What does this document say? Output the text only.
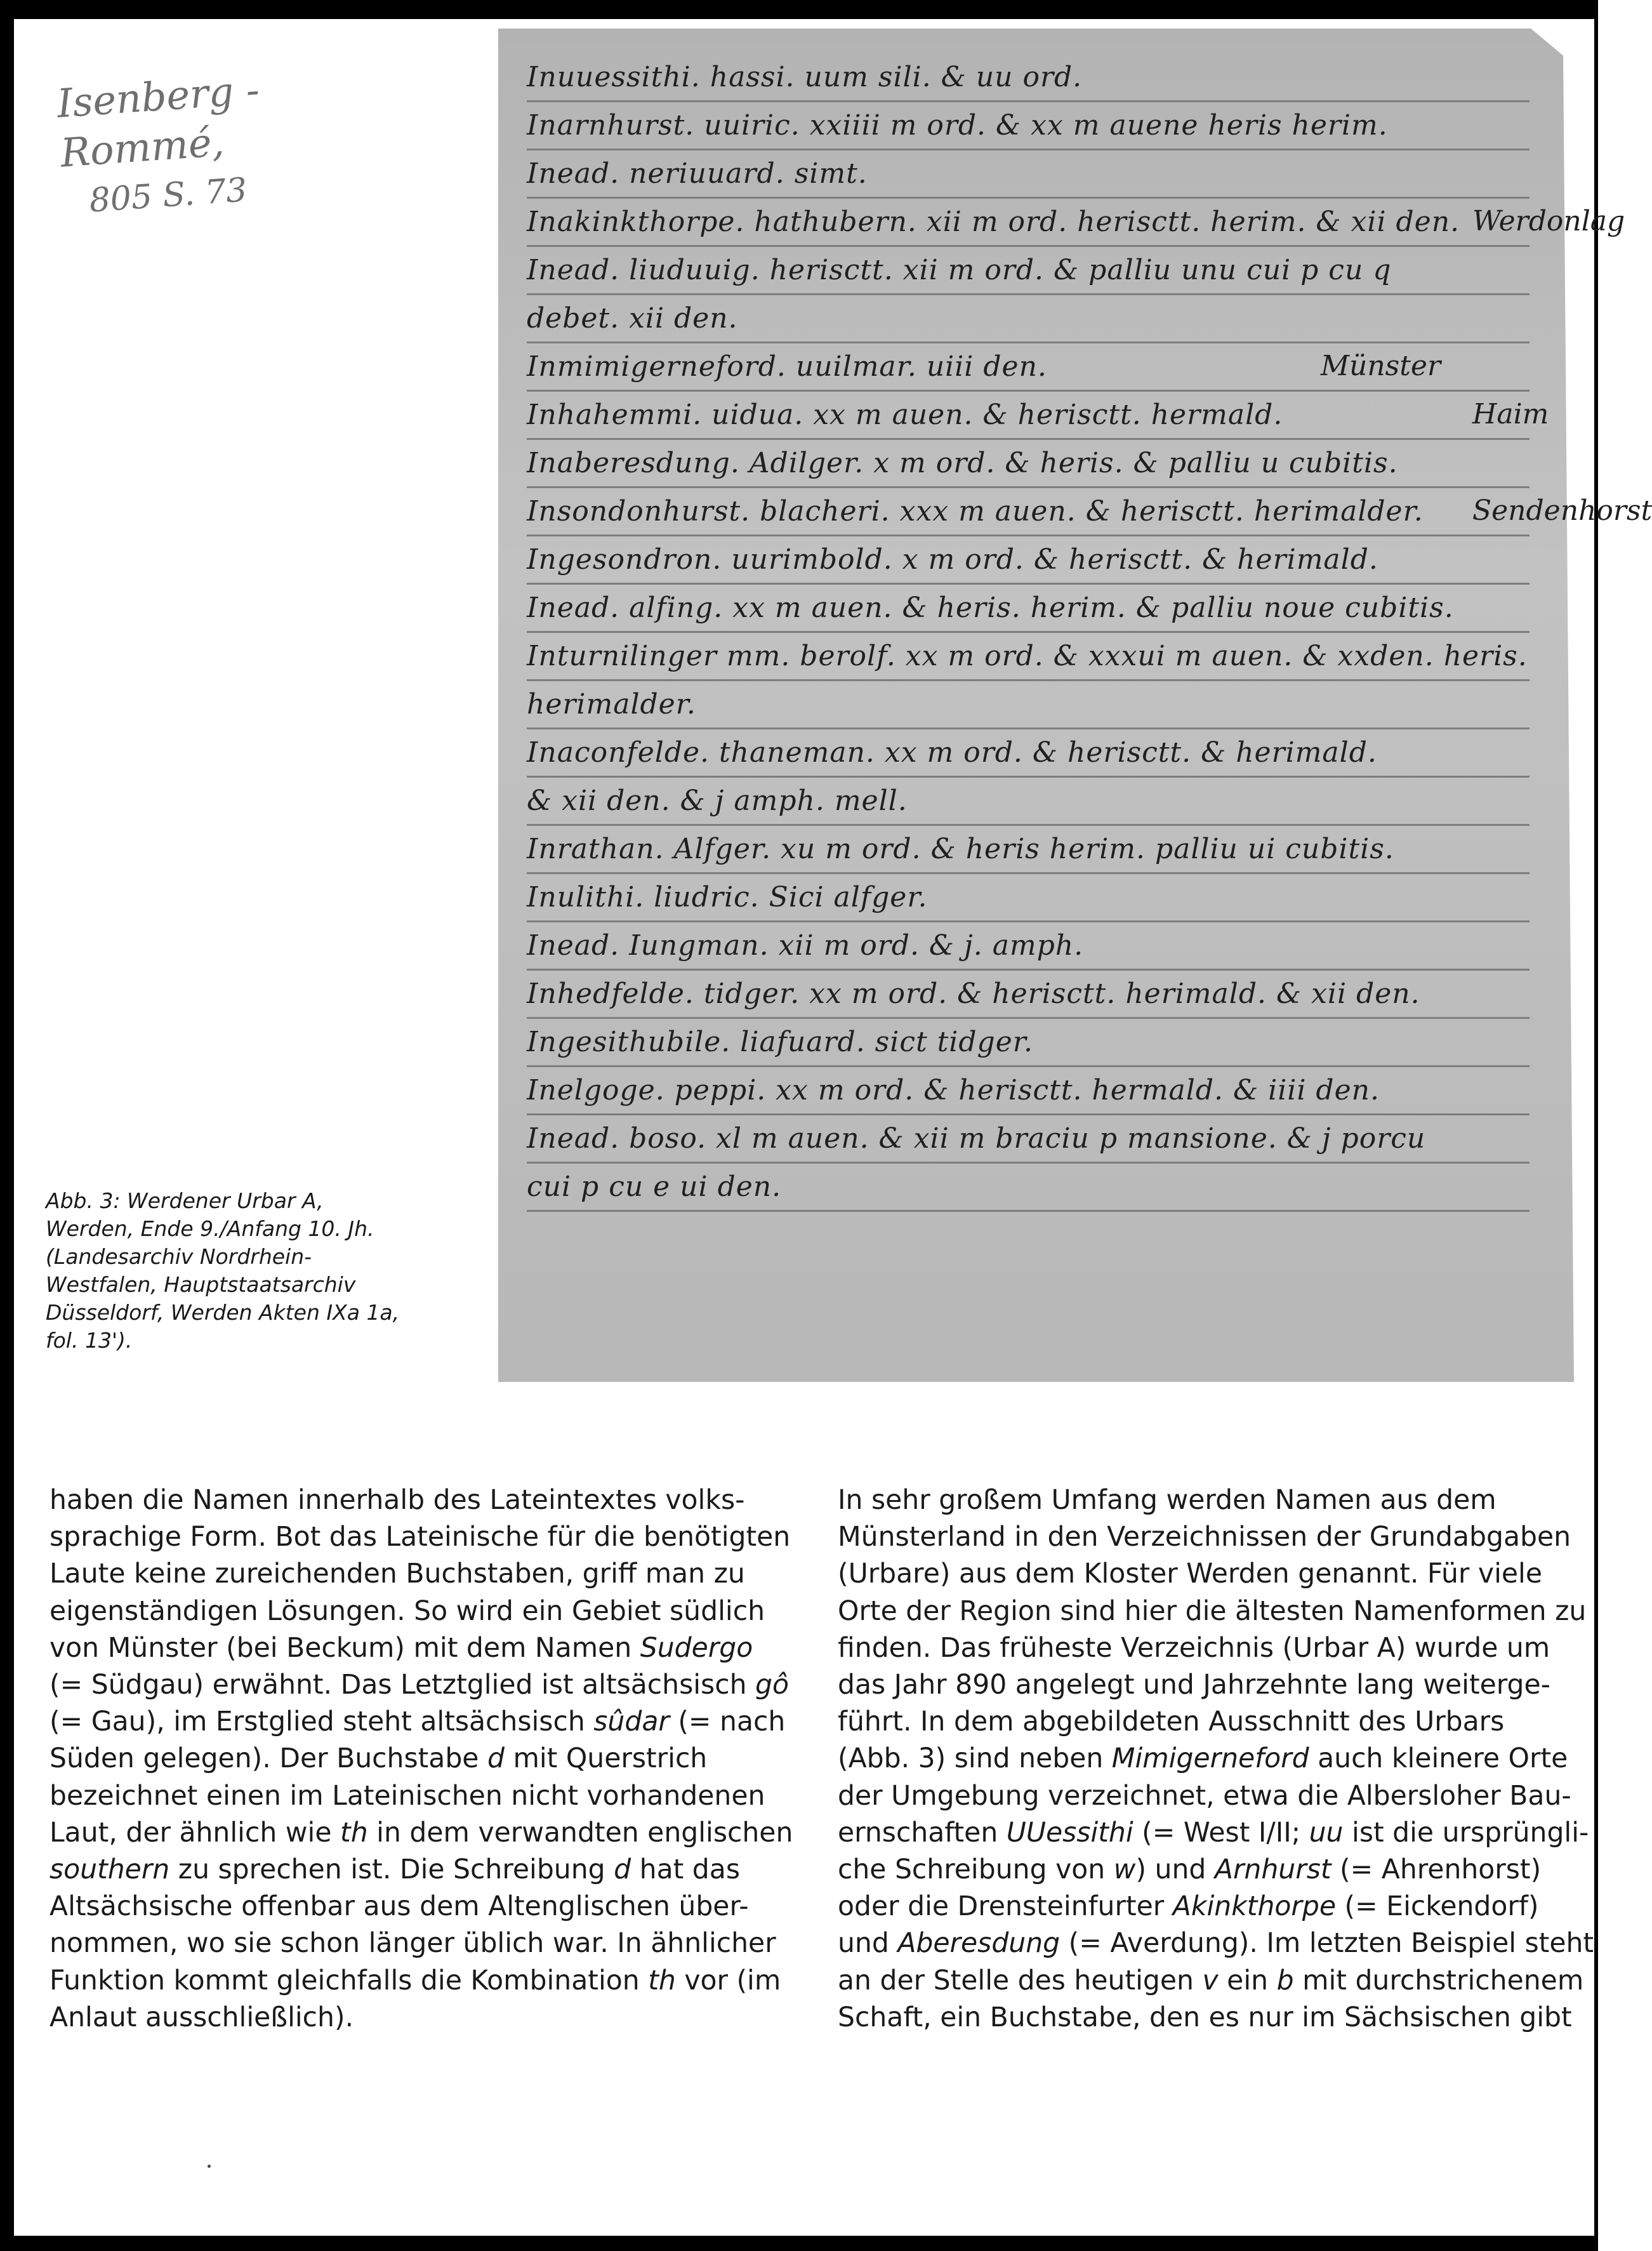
Isenberg - Rommé,
805 S. 73
Inuuessithi. hassi. uum sili. & uu ord.
Inarnhurst. uuiric. xxiiii m ord. & xx m auene heris herim.
Inead. neriuuard. simt.
Inakinkthorpe. hathubern. xii m ord. herisctt. herim. & xii den.
Inead. liuduuig. herisctt. xii m ord. & palliu unu cui p cu q
debet. xii den.
Inmimigerneford. uuilmar. uiii den.
Inhahemmi. uidua. xx m auen. & herisctt. hermald.
Inaberesdung. Adilger. x m ord. & heris. & palliu u cubitis.
Insondonhurst. blacheri. xxx m auen. & herisctt. herimalder.
Ingesondron. uurimbold. x m ord. & herisctt. & herimald.
Inead. alfing. xx m auen. & heris. herim. & palliu noue cubitis.
Inturnilinger mm. berolf. xx m ord. & xxxui m auen. & xxden. heris.
herimalder.
Inaconfelde. thaneman. xx m ord. & herisctt. & herimald.
& xii den. & j amph. mell.
Inrathan. Alfger. xu m ord. & heris herim. palliu ui cubitis.
Inulithi. liudric. Sici alfger.
Inead. Iungman. xii m ord. & j. amph.
Inhedfelde. tidger. xx m ord. & herisctt. herimald. & xii den.
Ingesithubile. liafuard. sict tidger.
Inelgoge. peppi. xx m ord. & herisctt. hermald. & iiii den.
Inead. boso. xl m auen. & xii m braciu p mansione. & j porcu
cui p cu e ui den.
Werdonlag
Haim
Sendenhorst
Münster
Abb. 3: Werdener Urbar A,
Werden, Ende 9./Anfang 10. Jh.
(Landesarchiv Nordrhein-
Westfalen, Hauptstaatsarchiv
Düsseldorf, Werden Akten IXa 1a,
fol. 13').
haben die Namen innerhalb des Lateintextes volks-
sprachige Form. Bot das Lateinische für die benötigten
Laute keine zureichenden Buchstaben, griff man zu
eigenständigen Lösungen. So wird ein Gebiet südlich
von Münster (bei Beckum) mit dem Namen Sudergo
(= Südgau) erwähnt. Das Letztglied ist altsächsisch gô
(= Gau), im Erstglied steht altsächsisch sûdar (= nach
Süden gelegen). Der Buchstabe d mit Querstrich
bezeichnet einen im Lateinischen nicht vorhandenen
Laut, der ähnlich wie th in dem verwandten englischen
southern zu sprechen ist. Die Schreibung d hat das
Altsächsische offenbar aus dem Altenglischen über-
nommen, wo sie schon länger üblich war. In ähnlicher
Funktion kommt gleichfalls die Kombination th vor (im
Anlaut ausschließlich).
In sehr großem Umfang werden Namen aus dem
Münsterland in den Verzeichnissen der Grundabgaben
(Urbare) aus dem Kloster Werden genannt. Für viele
Orte der Region sind hier die ältesten Namenformen zu
finden. Das früheste Verzeichnis (Urbar A) wurde um
das Jahr 890 angelegt und Jahrzehnte lang weiterge-
führt. In dem abgebildeten Ausschnitt des Urbars
(Abb. 3) sind neben Mimigerneford auch kleinere Orte
der Umgebung verzeichnet, etwa die Albersloher Bau-
ernschaften UUessithi (= West I/II; uu ist die ursprüngli-
che Schreibung von w) und Arnhurst (= Ahrenhorst)
oder die Drensteinfurter Akinkthorpe (= Eickendorf)
und Aberesdung (= Averdung). Im letzten Beispiel steht
an der Stelle des heutigen v ein b mit durchstrichenem
Schaft, ein Buchstabe, den es nur im Sächsischen gibt
